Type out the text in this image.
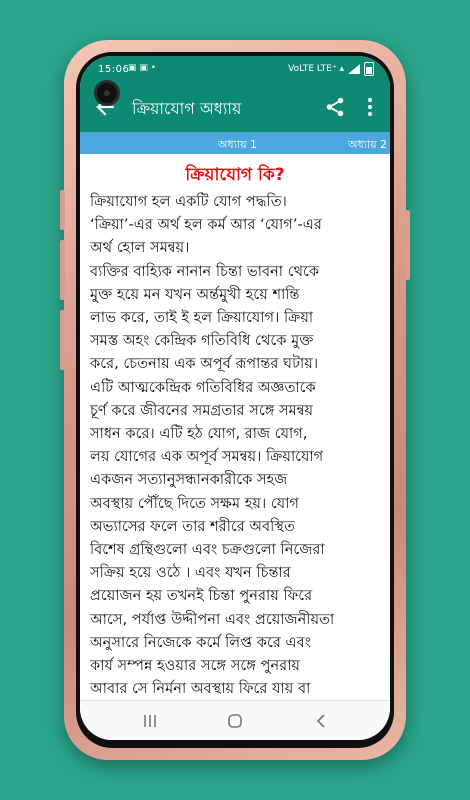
15:06
▣ ▣ •	VoLTE LTE⁺ ▴
ক্রিয়াযোগ অধ্যায়
অধ্যায় 1	অধ্যায় 2
ক্রিয়াযোগ কি?
ক্রিয়াযোগ হল একটি যোগ পদ্ধতি।
‘ক্রিয়া’-এর অর্থ হল কর্ম আর ‘যোগ’-এর
অর্থ হোল সমন্বয়।
ব্যক্তির বাহ্যিক নানান চিন্তা ভাবনা থেকে
মুক্ত হয়ে মন যখন অর্ন্তমুখী হয়ে শান্তি
লাভ করে, তাই ই হল ক্রিয়াযোগ। ক্রিয়া
সমস্ত অহং কেন্দ্রিক গতিবিধি থেকে মুক্ত
করে, চেতনায় এক অপূর্ব রূপান্তর ঘটায়।
এটি আত্মকেন্দ্রিক গতিবিধির অজ্ঞতাকে
চূর্ণ করে জীবনের সমগ্রতার সঙ্গে সমন্বয়
সাধন করে। এটি হঠ যোগ, রাজ যোগ,
লয় যোগের এক অপূর্ব সমন্বয়। ক্রিয়াযোগ
একজন সত্যানুসন্ধানকারীকে সহজ
অবস্থায় পৌঁছে দিতে সক্ষম হয়। যোগ
অভ্যাসের ফলে তার শরীরে অবস্থিত
বিশেষ গ্রন্থিগুলো এবং চক্রগুলো নিজেরা
সক্রিয় হয়ে ওঠে । এবং যখন চিন্তার
প্রয়োজন হয় তখনই চিন্তা পুনরায় ফিরে
আসে, পর্যাপ্ত উদ্দীপনা এবং প্রয়োজনীয়তা
অনুসারে নিজেকে কর্মে লিপ্ত করে এবং
কার্য সম্পন্ন হওয়ার সঙ্গে সঙ্গে পুনরায়
আবার সে নির্মনা অবস্থায় ফিরে যায় বা
